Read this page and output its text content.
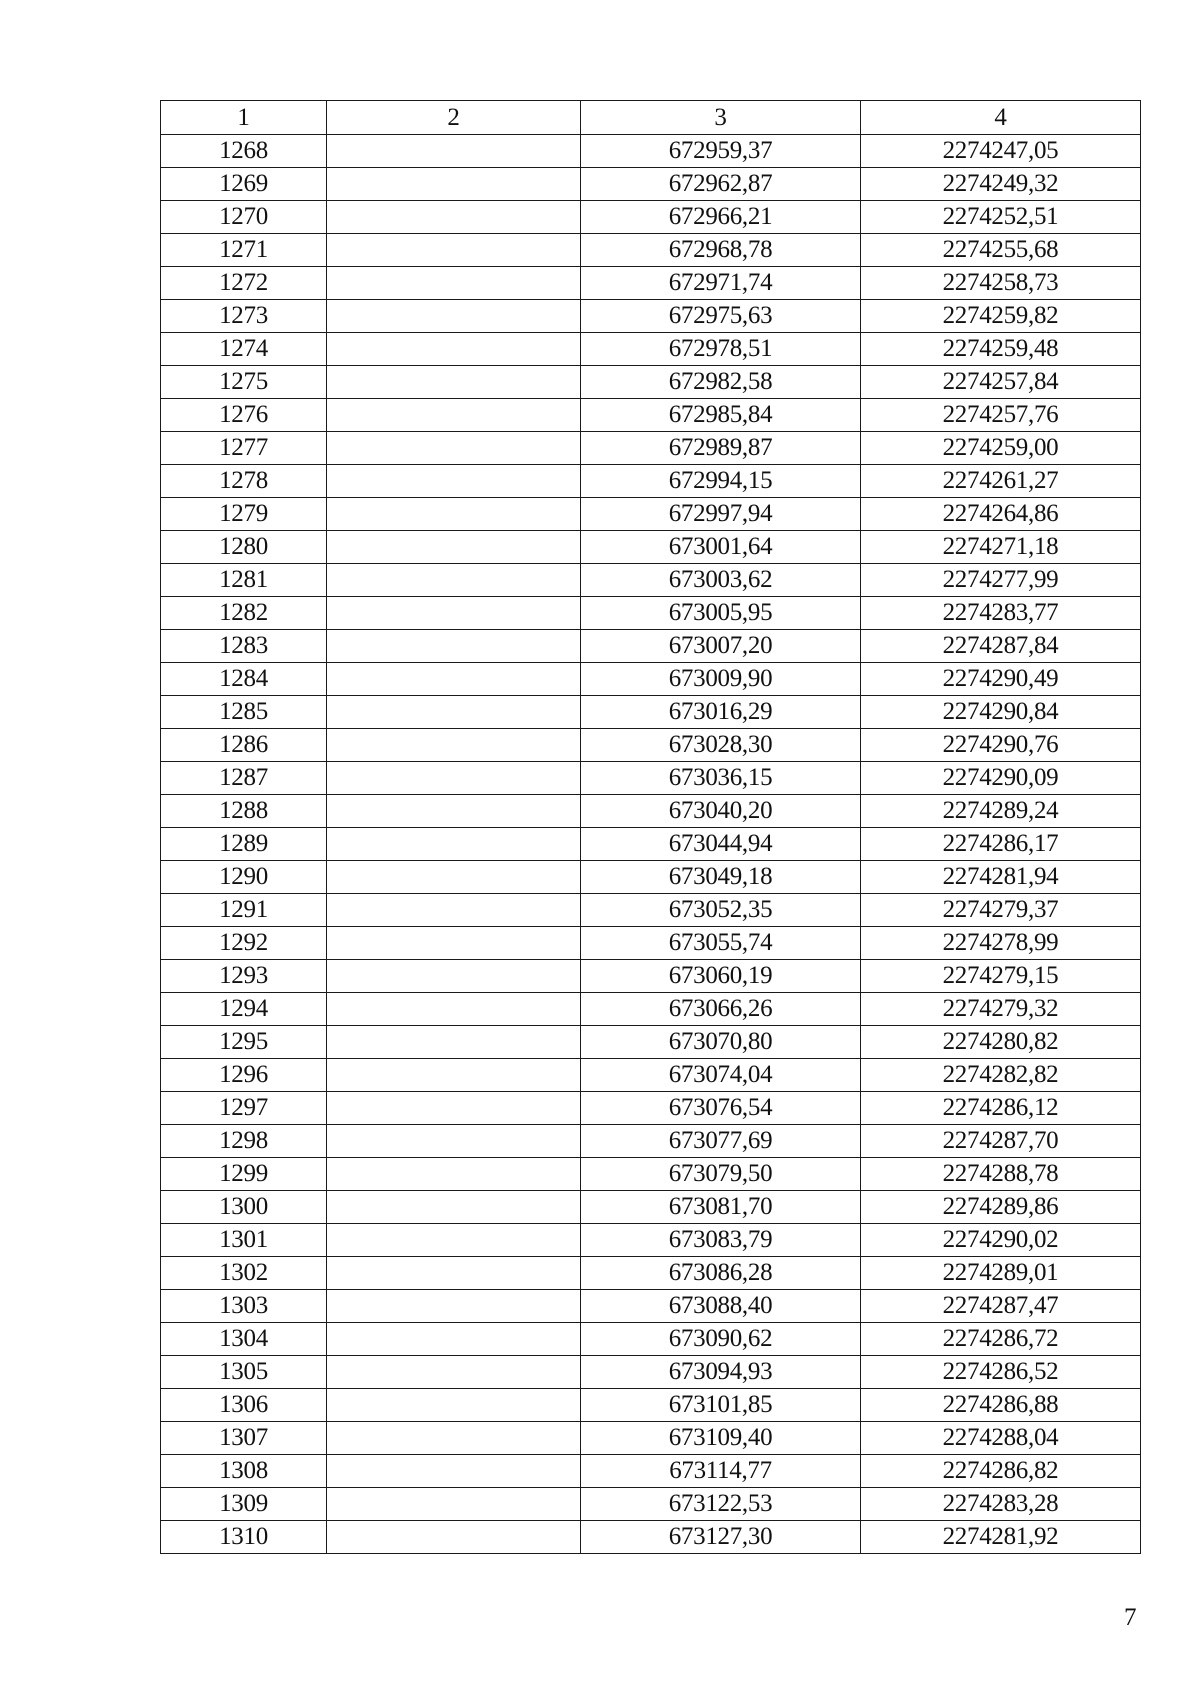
1	2	3	4
1268		672959,37	2274247,05
1269		672962,87	2274249,32
1270		672966,21	2274252,51
1271		672968,78	2274255,68
1272		672971,74	2274258,73
1273		672975,63	2274259,82
1274		672978,51	2274259,48
1275		672982,58	2274257,84
1276		672985,84	2274257,76
1277		672989,87	2274259,00
1278		672994,15	2274261,27
1279		672997,94	2274264,86
1280		673001,64	2274271,18
1281		673003,62	2274277,99
1282		673005,95	2274283,77
1283		673007,20	2274287,84
1284		673009,90	2274290,49
1285		673016,29	2274290,84
1286		673028,30	2274290,76
1287		673036,15	2274290,09
1288		673040,20	2274289,24
1289		673044,94	2274286,17
1290		673049,18	2274281,94
1291		673052,35	2274279,37
1292		673055,74	2274278,99
1293		673060,19	2274279,15
1294		673066,26	2274279,32
1295		673070,80	2274280,82
1296		673074,04	2274282,82
1297		673076,54	2274286,12
1298		673077,69	2274287,70
1299		673079,50	2274288,78
1300		673081,70	2274289,86
1301		673083,79	2274290,02
1302		673086,28	2274289,01
1303		673088,40	2274287,47
1304		673090,62	2274286,72
1305		673094,93	2274286,52
1306		673101,85	2274286,88
1307		673109,40	2274288,04
1308		673114,77	2274286,82
1309		673122,53	2274283,28
1310		673127,30	2274281,92
7
